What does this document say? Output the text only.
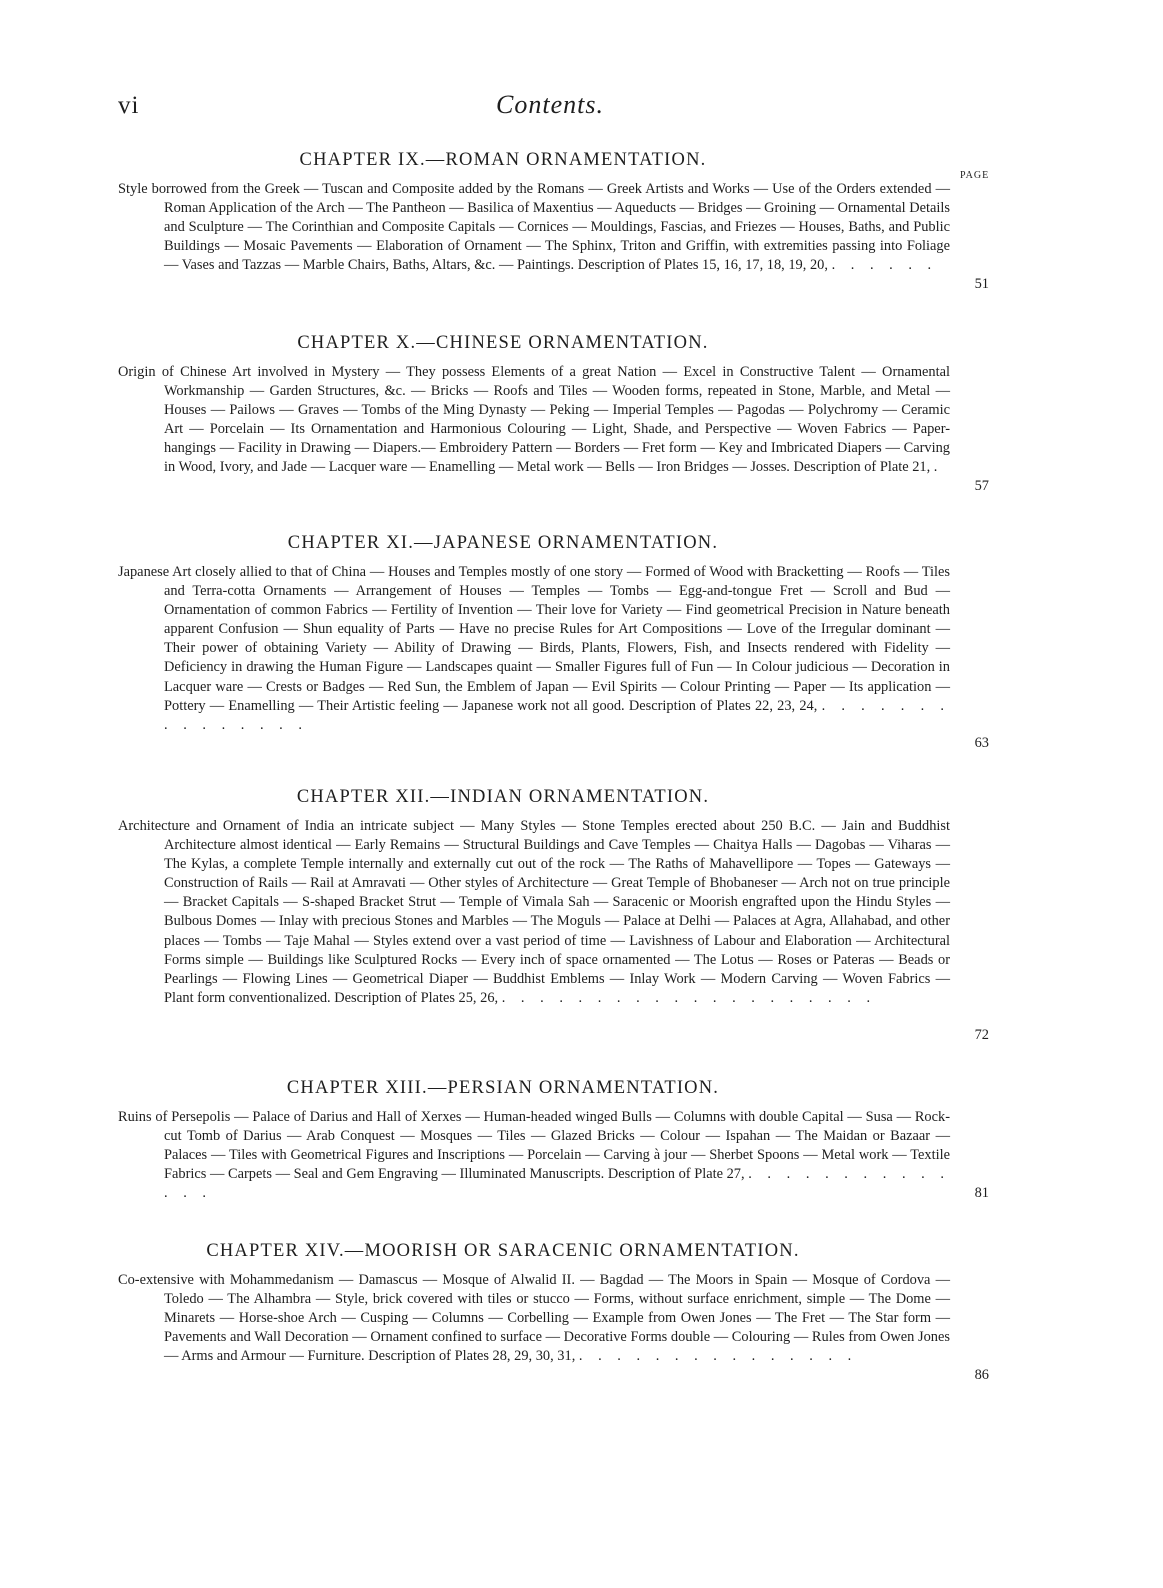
vi	Contents.
PAGE
CHAPTER IX.—ROMAN ORNAMENTATION.
Style borrowed from the Greek — Tuscan and Composite added by the Romans — Greek Artists and Works — Use of the Orders extended — Roman Application of the Arch — The Pantheon — Basilica of Maxentius — Aqueducts — Bridges — Groining — Ornamental Details and Sculpture — The Corinthian and Composite Capitals — Cornices — Mouldings, Fascias, and Friezes — Houses, Baths, and Public Buildings — Mosaic Pavements — Elaboration of Ornament — The Sphinx, Triton and Griffin, with extremities passing into Foliage — Vases and Tazzas — Marble Chairs, Baths, Altars, &c. — Paintings. Description of Plates 15, 16, 17, 18, 19, 20, . . . . . .
51
CHAPTER X.—CHINESE ORNAMENTATION.
Origin of Chinese Art involved in Mystery — They possess Elements of a great Nation — Excel in Constructive Talent — Ornamental Workmanship — Garden Structures, &c. — Bricks — Roofs and Tiles — Wooden forms, repeated in Stone, Marble, and Metal — Houses — Pailows — Graves — Tombs of the Ming Dynasty — Peking — Imperial Temples — Pagodas — Polychromy — Ceramic Art — Porcelain — Its Ornamentation and Harmonious Colouring — Light, Shade, and Perspective — Woven Fabrics — Paper-hangings — Facility in Drawing — Diapers.— Embroidery Pattern — Borders — Fret form — Key and Imbricated Diapers — Carving in Wood, Ivory, and Jade — Lacquer ware — Enamelling — Metal work — Bells — Iron Bridges — Josses. Description of Plate 21, .
57
CHAPTER XI.—JAPANESE ORNAMENTATION.
Japanese Art closely allied to that of China — Houses and Temples mostly of one story — Formed of Wood with Bracketting — Roofs — Tiles and Terra-cotta Ornaments — Arrangement of Houses — Temples — Tombs — Egg-and-tongue Fret — Scroll and Bud — Ornamentation of common Fabrics — Fertility of Invention — Their love for Variety — Find geometrical Precision in Nature beneath apparent Confusion — Shun equality of Parts — Have no precise Rules for Art Compositions — Love of the Irregular dominant — Their power of obtaining Variety — Ability of Drawing — Birds, Plants, Flowers, Fish, and Insects rendered with Fidelity — Deficiency in drawing the Human Figure — Landscapes quaint — Smaller Figures full of Fun — In Colour judicious — Decoration in Lacquer ware — Crests or Badges — Red Sun, the Emblem of Japan — Evil Spirits — Colour Printing — Paper — Its application — Pottery — Enamelling — Their Artistic feeling — Japanese work not all good. Description of Plates 22, 23, 24, . . . . . . . . . . . . . . .
63
CHAPTER XII.—INDIAN ORNAMENTATION.
Architecture and Ornament of India an intricate subject — Many Styles — Stone Temples erected about 250 B.C. — Jain and Buddhist Architecture almost identical — Early Remains — Structural Buildings and Cave Temples — Chaitya Halls — Dagobas — Viharas — The Kylas, a complete Temple internally and externally cut out of the rock — The Raths of Mahavellipore — Topes — Gateways — Construction of Rails — Rail at Amravati — Other styles of Architecture — Great Temple of Bhobaneser — Arch not on true principle — Bracket Capitals — S-shaped Bracket Strut — Temple of Vimala Sah — Saracenic or Moorish engrafted upon the Hindu Styles — Bulbous Domes — Inlay with precious Stones and Marbles — The Moguls — Palace at Delhi — Palaces at Agra, Allahabad, and other places — Tombs — Taje Mahal — Styles extend over a vast period of time — Lavishness of Labour and Elaboration — Architectural Forms simple — Buildings like Sculptured Rocks — Every inch of space ornamented — The Lotus — Roses or Pateras — Beads or Pearlings — Flowing Lines — Geometrical Diaper — Buddhist Emblems — Inlay Work — Modern Carving — Woven Fabrics — Plant form conventionalized. Description of Plates 25, 26, . . . . . . . . . . . . . . . . . . . .
72
CHAPTER XIII.—PERSIAN ORNAMENTATION.
Ruins of Persepolis — Palace of Darius and Hall of Xerxes — Human-headed winged Bulls — Columns with double Capital — Susa — Rock-cut Tomb of Darius — Arab Conquest — Mosques — Tiles — Glazed Bricks — Colour — Ispahan — The Maidan or Bazaar — Palaces — Tiles with Geometrical Figures and Inscriptions — Porcelain — Carving à jour — Sherbet Spoons — Metal work — Textile Fabrics — Carpets — Seal and Gem Engraving — Illuminated Manuscripts. Description of Plate 27, . . . . . . . . . . . . . .	81
CHAPTER XIV.—MOORISH OR SARACENIC ORNAMENTATION.
Co-extensive with Mohammedanism — Damascus — Mosque of Alwalid II. — Bagdad — The Moors in Spain — Mosque of Cordova — Toledo — The Alhambra — Style, brick covered with tiles or stucco — Forms, without surface enrichment, simple — The Dome — Minarets — Horse-shoe Arch — Cusping — Columns — Corbelling — Example from Owen Jones — The Fret — The Star form — Pavements and Wall Decoration — Ornament confined to surface — Decorative Forms double — Colouring — Rules from Owen Jones — Arms and Armour — Furniture. Description of Plates 28, 29, 30, 31, . . . . . . . . . . . . . . .
86
